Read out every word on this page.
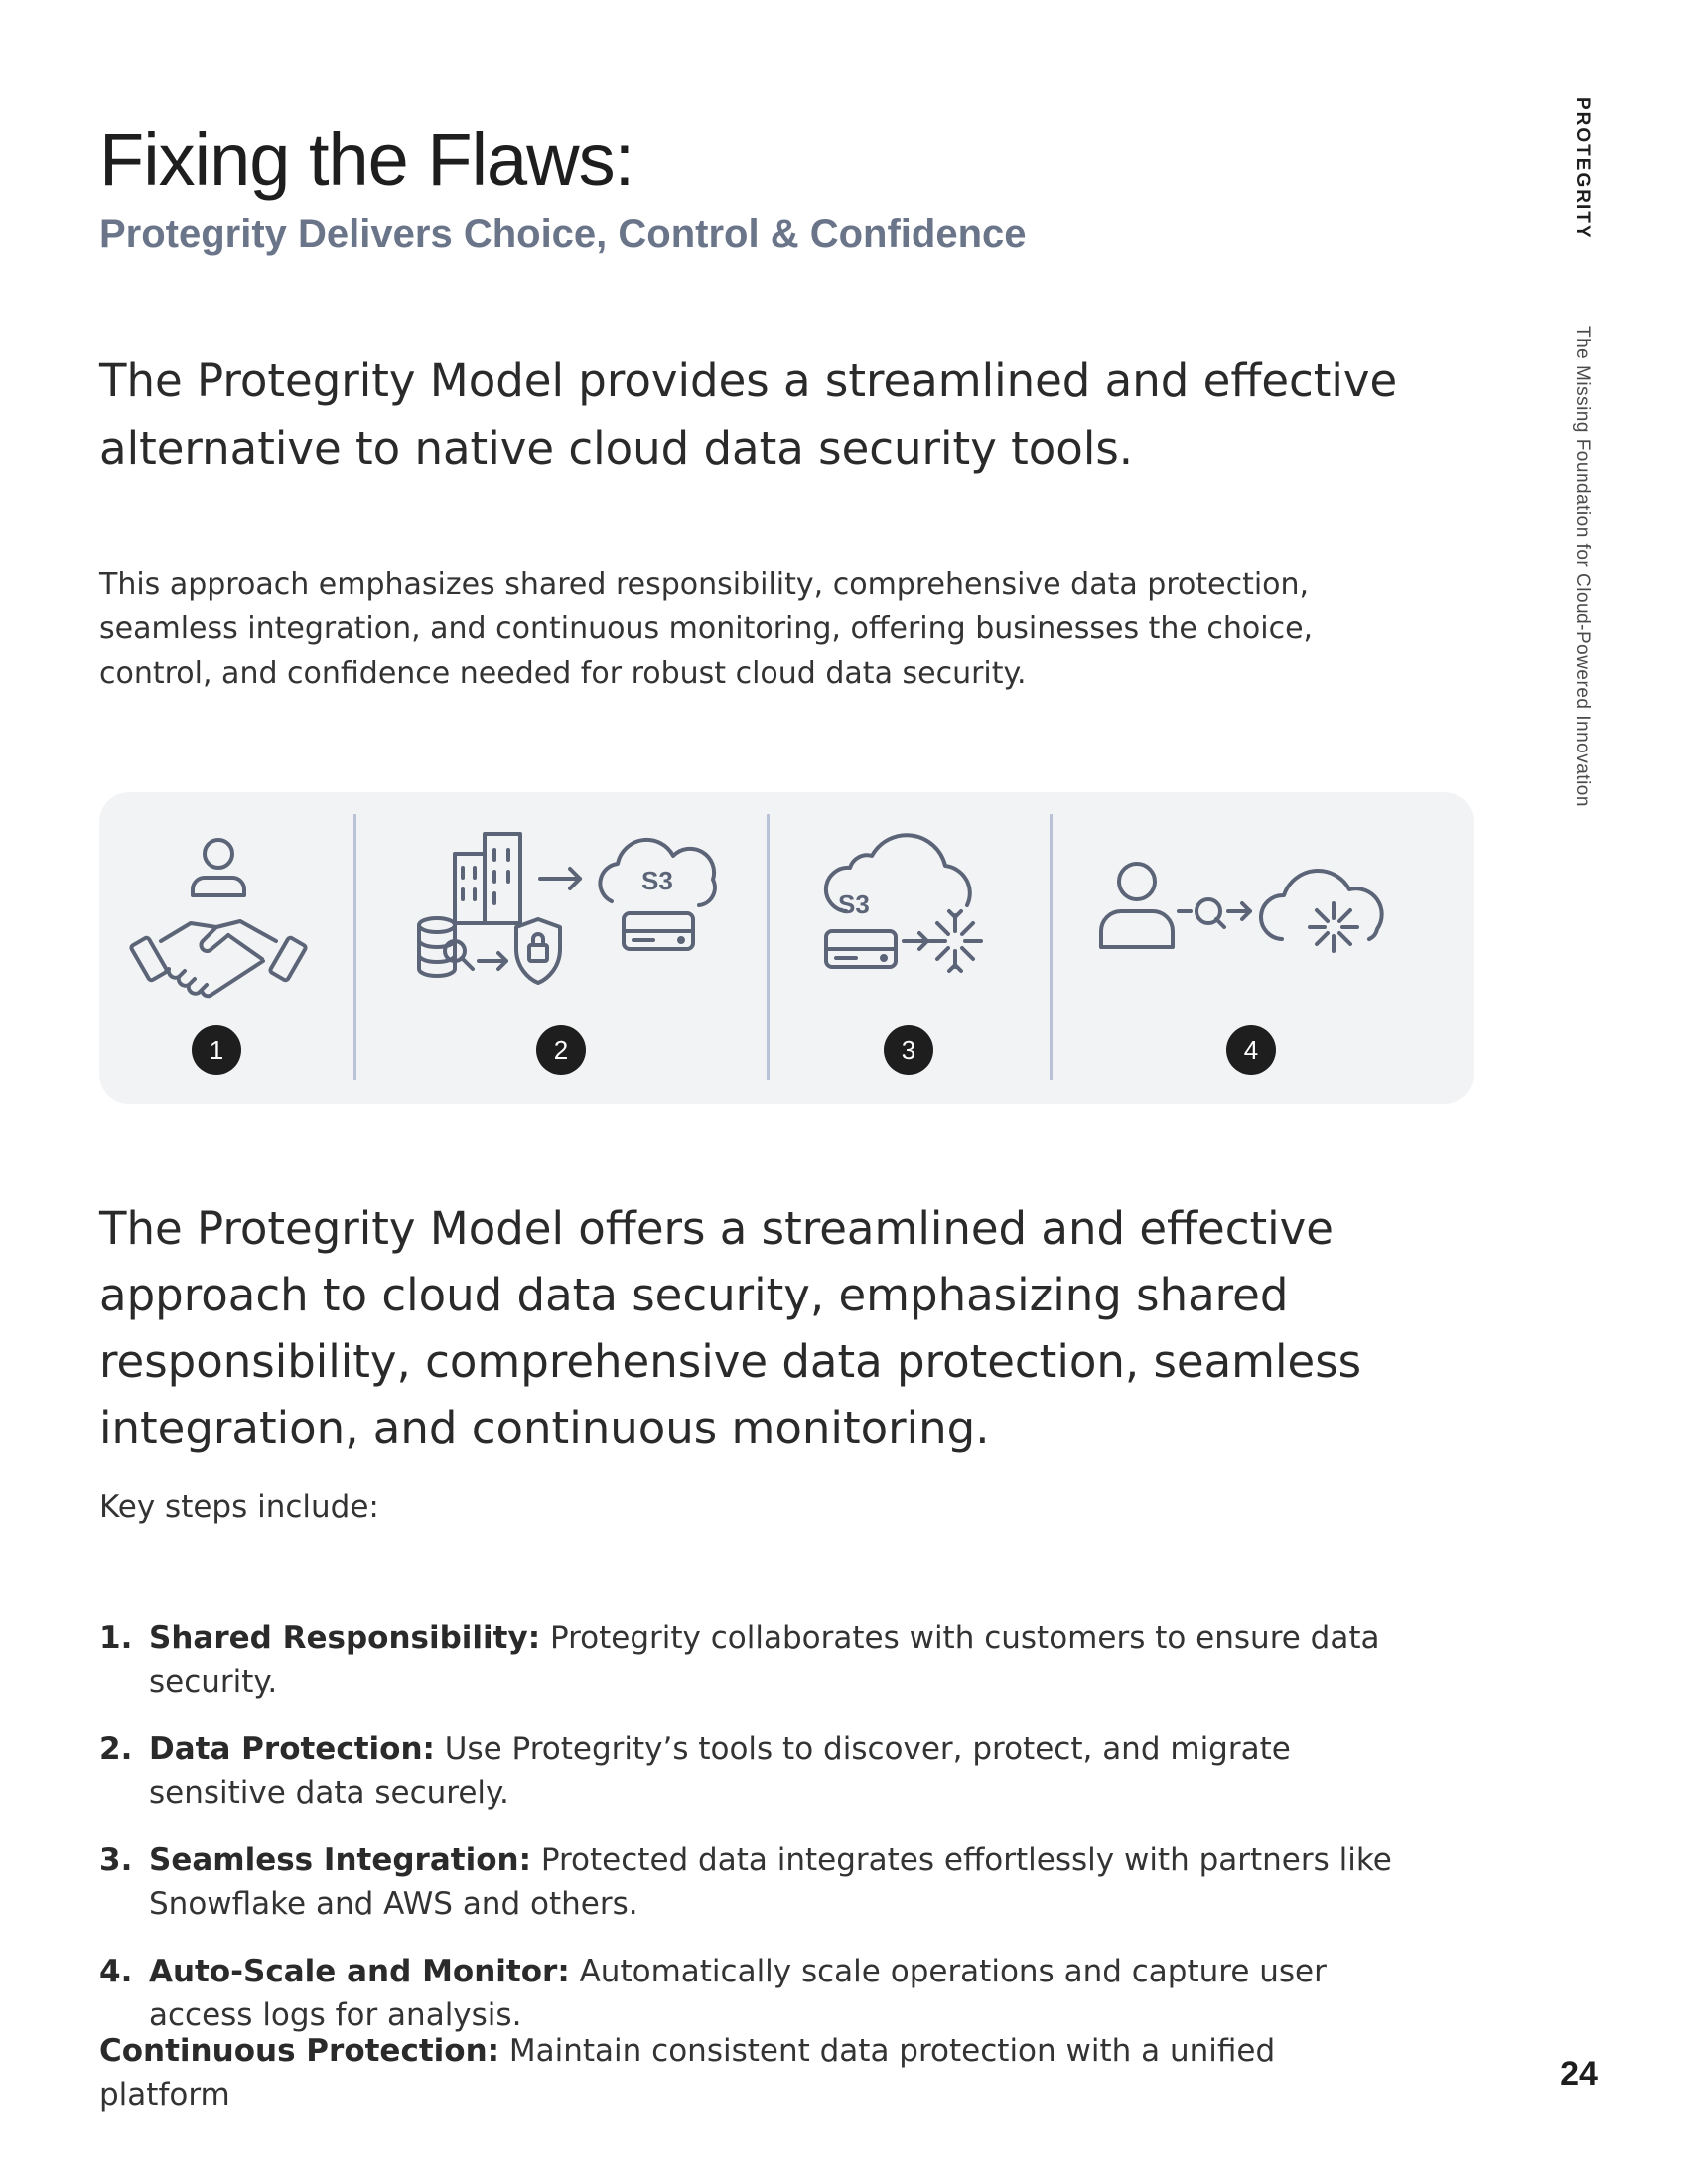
Fixing the Flaws:
Protegrity Delivers Choice, Control & Confidence

The Protegrity Model provides a streamlined and effective alternative to native cloud data security tools.

This approach emphasizes shared responsibility, comprehensive data protection, seamless integration, and continuous monitoring, offering businesses the choice, control, and confidence needed for robust cloud data security.

1
S3
2
S3
3	4

The Protegrity Model offers a streamlined and effective approach to cloud data security, emphasizing shared responsibility, comprehensive data protection, seamless integration, and continuous monitoring.

Key steps include:

1. Shared Responsibility: Protegrity collaborates with customers to ensure data security.
2. Data Protection: Use Protegrity’s tools to discover, protect, and migrate sensitive data securely.
3. Seamless Integration: Protected data integrates effortlessly with partners like Snowflake and AWS and others.
4. Auto-Scale and Monitor: Automatically scale operations and capture user access logs for analysis.

Continuous Protection: Maintain consistent data protection with a unified platform

PROTEGRITY
The Missing Foundation for Cloud-Powered Innovation
24
